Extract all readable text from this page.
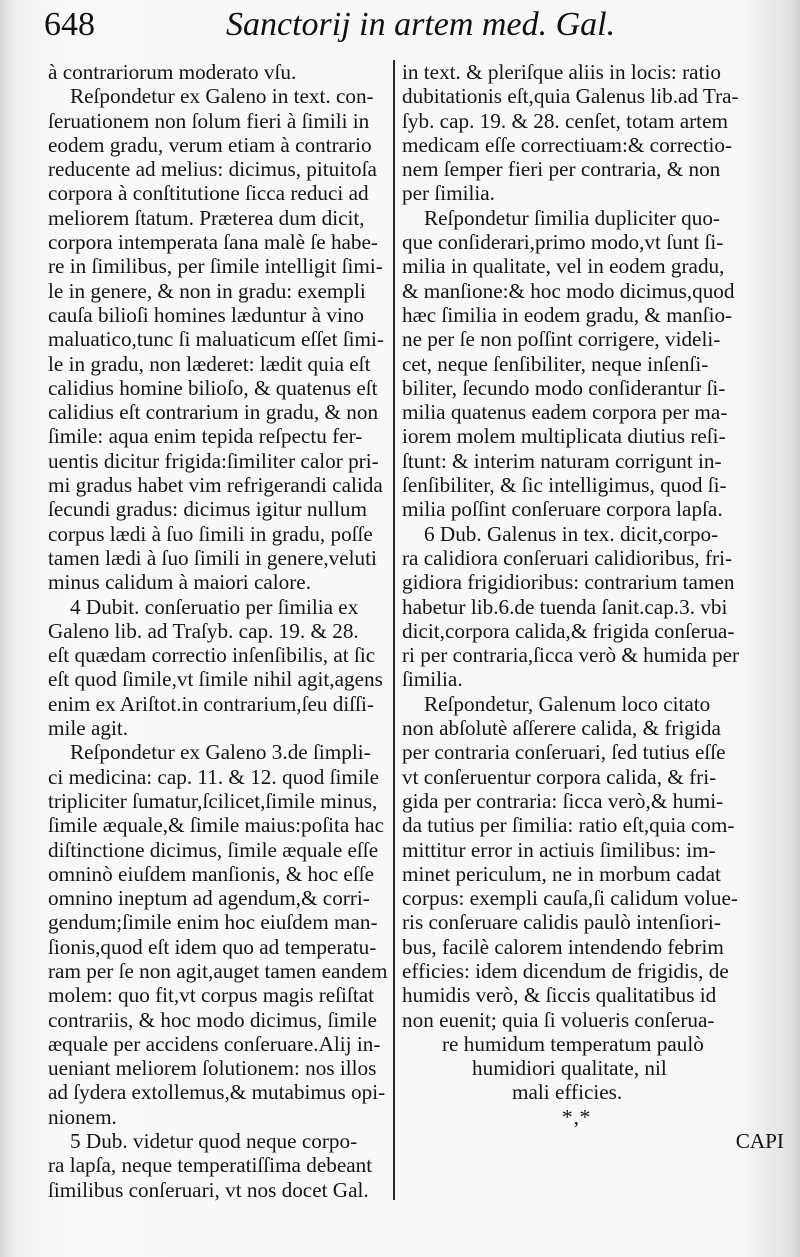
648	Sanctorij in artem med. Gal.
à contrariorum moderato vſu.
Reſpondetur ex Galeno in text. con-
ſeruationem non ſolum fieri à ſimili in
eodem gradu, verum etiam à contrario
reducente ad melius: dicimus, pituitoſa
corpora à conſtitutione ſicca reduci ad
meliorem ſtatum. Præterea dum dicit,
corpora intemperata ſana malè ſe habe-
re in ſimilibus, per ſimile intelligit ſimi-
le in genere, & non in gradu: exempli
cauſa bilioſi homines læduntur à vino
maluatico,tunc ſi maluaticum eſſet ſimi-
le in gradu, non læderet: lædit quia eſt
calidius homine bilioſo, & quatenus eſt
calidius eſt contrarium in gradu, & non
ſimile: aqua enim tepida reſpectu fer-
uentis dicitur frigida:ſimiliter calor pri-
mi gradus habet vim refrigerandi calida
ſecundi gradus: dicimus igitur nullum
corpus lædi à ſuo ſimili in gradu, poſſe
tamen lædi à ſuo ſimili in genere,veluti
minus calidum à maiori calore.
4 Dubit. conſeruatio per ſimilia ex
Galeno lib. ad Traſyb. cap. 19. & 28.
eſt quædam correctio inſenſibilis, at ſic
eſt quod ſimile,vt ſimile nihil agit,agens
enim ex Ariſtot.in contrarium,ſeu diſſi-
mile agit.
Reſpondetur ex Galeno 3.de ſimpli-
ci medicina: cap. 11. & 12. quod ſimile
tripliciter ſumatur,ſcilicet,ſimile minus,
ſimile æquale,& ſimile maius:poſita hac
diſtinctione dicimus, ſimile æquale eſſe
omninò eiuſdem manſionis, & hoc eſſe
omnino ineptum ad agendum,& corri-
gendum;ſimile enim hoc eiuſdem man-
ſionis,quod eſt idem quo ad temperatu-
ram per ſe non agit,auget tamen eandem
molem: quo fit,vt corpus magis reſiſtat
contrariis, & hoc modo dicimus, ſimile
æquale per accidens conſeruare.Alij in-
ueniant meliorem ſolutionem: nos illos
ad ſydera extollemus,& mutabimus opi-
nionem.
5 Dub. videtur quod neque corpo-
ra lapſa, neque temperatiſſima debeant
ſimilibus conſeruari, vt nos docet Gal.
in text. & pleriſque aliis in locis: ratio
dubitationis eſt,quia Galenus lib.ad Tra-
ſyb. cap. 19. & 28. cenſet, totam artem
medicam eſſe correctiuam:& correctio-
nem ſemper fieri per contraria, & non
per ſimilia.
Reſpondetur ſimilia dupliciter quo-
que conſiderari,primo modo,vt ſunt ſi-
milia in qualitate, vel in eodem gradu,
& manſione:& hoc modo dicimus,quod
hæc ſimilia in eodem gradu, & manſio-
ne per ſe non poſſint corrigere, videli-
cet, neque ſenſibiliter, neque inſenſi-
biliter, ſecundo modo conſiderantur ſi-
milia quatenus eadem corpora per ma-
iorem molem multiplicata diutius reſi-
ſtunt: & interim naturam corrigunt in-
ſenſibiliter, & ſic intelligimus, quod ſi-
milia poſſint conſeruare corpora lapſa.
6 Dub. Galenus in tex. dicit,corpo-
ra calidiora conſeruari calidioribus, fri-
gidiora frigidioribus: contrarium tamen
habetur lib.6.de tuenda ſanit.cap.3. vbi
dicit,corpora calida,& frigida conſerua-
ri per contraria,ſicca verò & humida per
ſimilia.
Reſpondetur, Galenum loco citato
non abſolutè aſſerere calida, & frigida
per contraria conſeruari, ſed tutius eſſe
vt conſeruentur corpora calida, & fri-
gida per contraria: ſicca verò,& humi-
da tutius per ſimilia: ratio eſt,quia com-
mittitur error in actiuis ſimilibus: im-
minet periculum, ne in morbum cadat
corpus: exempli cauſa,ſi calidum volue-
ris conſeruare calidis paulò intenſiori-
bus, facilè calorem intendendo febrim
efficies: idem dicendum de frigidis, de
humidis verò, & ſiccis qualitatibus id
non euenit; quia ſi volueris conſerua-
re humidum temperatum paulò
humidiori qualitate, nil
mali efficies.
*‚*
CAPI
